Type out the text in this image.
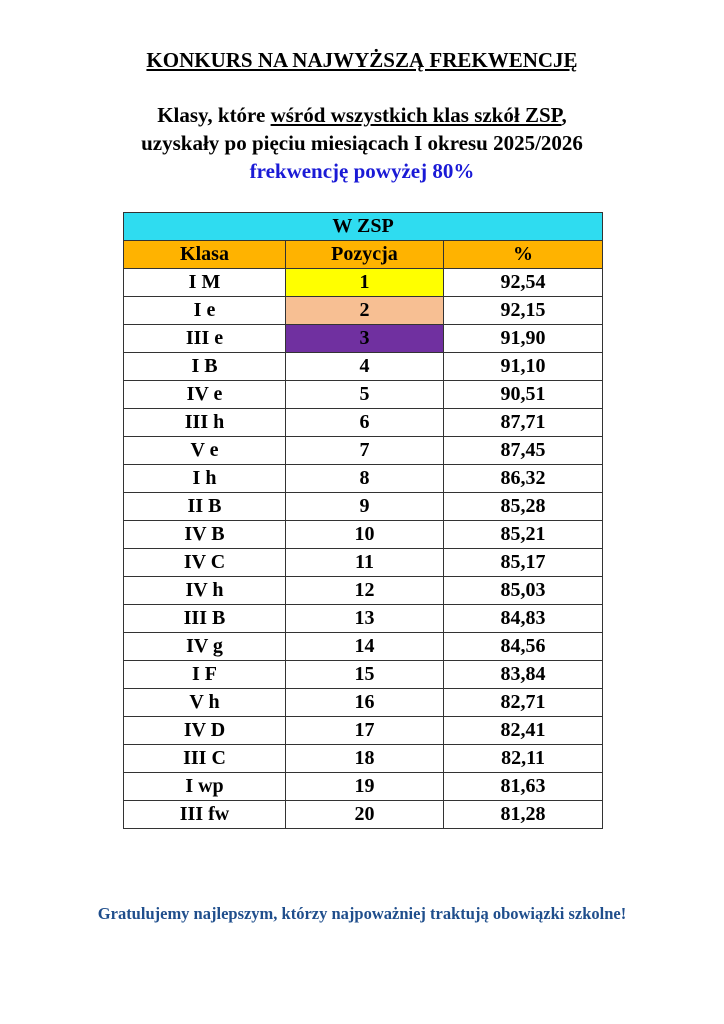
KONKURS NA NAJWYŻSZĄ FREKWENCJĘ
Klasy, które wśród wszystkich klas szkół ZSP,
uzyskały po pięciu miesiącach I okresu 2025/2026
frekwencję powyżej 80%
W ZSP		
Klasa	Pozycja	%
I M	1	92,54
I e	2	92,15
III e	3	91,90
I B	4	91,10
IV e	5	90,51
III h	6	87,71
V e	7	87,45
I h	8	86,32
II B	9	85,28
IV B	10	85,21
IV C	11	85,17
IV h	12	85,03
III B	13	84,83
IV g	14	84,56
I F	15	83,84
V h	16	82,71
IV D	17	82,41
III C	18	82,11
I wp	19	81,63
III fw	20	81,28
Gratulujemy najlepszym, którzy najpoważniej traktują obowiązki szkolne!
